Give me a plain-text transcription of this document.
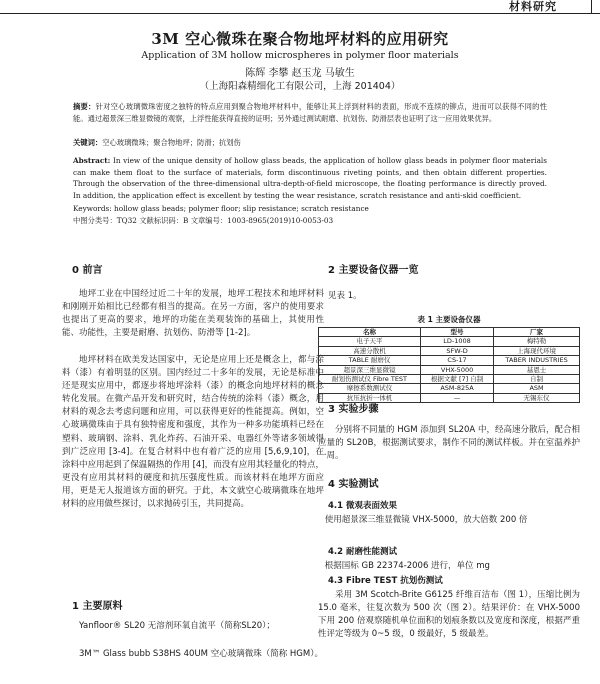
材料研究
3M 空心微珠在聚合物地坪材料的应用研究
Application of 3M hollow microspheres in polymer floor materials
陈辉 李攀 赵玉龙 马敏生
（上海阳森精细化工有限公司，上海 201404）
摘要：针对空心玻璃微珠密度之独特的特点应用到聚合物地坪材料中，能够让其上浮到材料的表面，形成不连续的铆点，进而可以获得不同的性能。通过超景深三维显微镜的观察，上浮性能获得直接的证明；另外通过测试耐磨、抗划伤、防滑层表也证明了这一应用效果优异。
关键词：空心玻璃微珠；聚合物地坪；防滑；抗划伤
Abstract: In view of the unique density of hollow glass beads, the application of hollow glass beads in polymer floor materials can make them float to the surface of materials, form discontinuous riveting points, and then obtain different properties. Through the observation of the three-dimensional ultra-depth-of-field microscope, the floating performance is directly proved. In addition, the application effect is excellent by testing the wear resistance, scratch resistance and anti-skid coefficient.
Keywords: hollow glass beads; polymer floor; slip resistance; scratch resistance
中图分类号：TQ32 文献标识码：B 文章编号：1003-8965(2019)10-0053-03
0 前言
地坪工业在中国经过近二十年的发展，地坪工程技术和地坪材料和刚刚开始相比已经都有相当的提高。在另一方面，客户的使用要求也提出了更高的要求，地坪的功能在美观装饰的基础上，其使用性能、功能性，主要是耐磨、抗划伤、防滑等 [1-2]。
地坪材料在欧美发达国家中，无论是应用上还是概念上，都与涂料（漆）有着明显的区别。国内经过二十多年的发展，无论是标准中还是现实应用中，都逐步将地坪涂料（漆）的概念向地坪材料的概念转化发展。在微产品开发和研究时，结合传统的涂料（漆）概念，用材料的观念去考虑问题和应用，可以获得更好的性能提高。例如，空心玻璃微珠由于具有独特密度和强度，其作为一种多功能填料已经在塑料、玻璃钢、涂料、乳化炸药、石油开采、电器红外等诸多领域得到广泛应用 [3-4]。在复合材料中也有着广泛的应用 [5,6,9,10]，在涂料中应用起到了保温隔热的作用 [4]，而没有应用其轻量化的特点，更没有应用其材料的硬度和抗压强度性质。而该材料在地坪方面应用，更是无人报道该方面的研究。于此，本文就空心玻璃微珠在地坪材料的应用做些探讨，以求抛砖引玉，共同提高。
1 主要原料
Yanfloor® SL20 无溶剂环氧自流平（简称SL20）；
3M™ Glass bubb S38HS 40UM 空心玻璃微珠（简称 HGM）。
2 主要设备仪器一览
见表 1。
表 1 主要设备仪器
名称	型号	厂家
电子天平	LD-1008	梅特勒
高速分散机	SFW-D	上海现代环境
TABLE 耐磨仪	CS-17	TABER INDUSTRIES
超景深三维显微镜	VHX-5000	基恩士
耐划伤测试仪 Fibre TEST	根据文献 [7] 自制	自制
摩擦系数测试仪	ASM-825A	ASM
抗压抗折一体机	—	无锡东仪
3 实验步骤
分别将不同量的 HGM 添加到 SL20A 中，经高速分散后，配合相应量的 SL20B，根据测试要求，制作不同的测试样板。并在室温养护一周。
4 实验测试
4.1 微观表面效果
使用超景深三维显微镜 VHX-5000，放大倍数 200 倍
4.2 耐磨性能测试
根据国标 GB 22374-2006 进行，单位 mg
4.3 Fibre TEST 抗划伤测试
采用 3M Scotch-Brite G6125 纤维百洁布（图 1），压缩比例为 15.0 毫米，往复次数为 500 次（图 2）。结果评价：在 VHX-5000 下用 200 倍观察随机单位面积的划痕条数以及宽度和深度，根据严重性评定等级为 0~5 级，0 级最好，5 级最差。
